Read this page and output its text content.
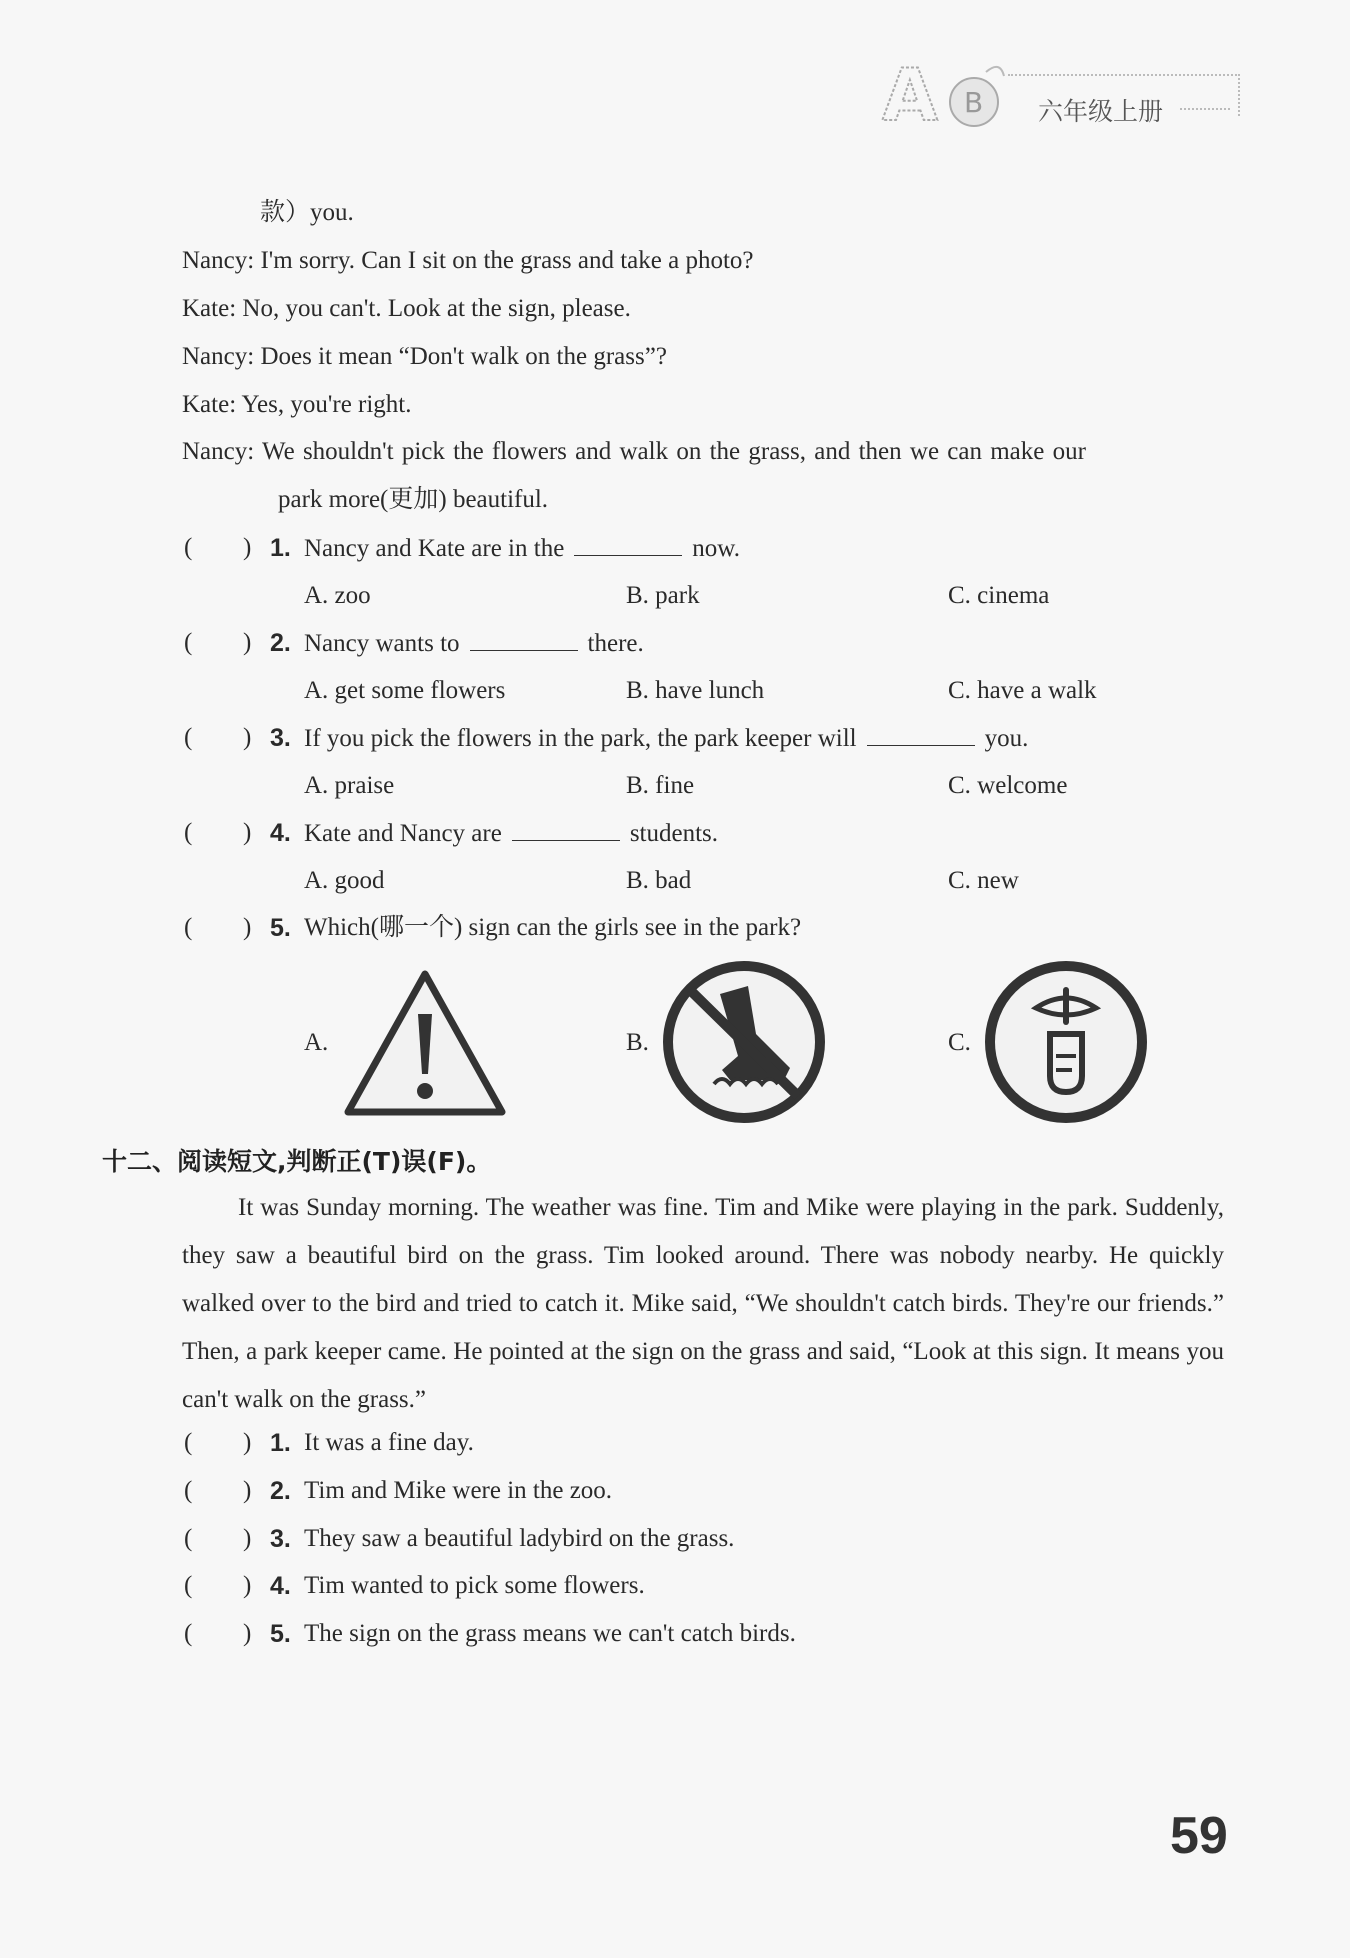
A B 六年级上册
款）you.
Nancy: I'm sorry. Can I sit on the grass and take a photo?
Kate: No, you can't. Look at the sign, please.
Nancy: Does it mean “Don't walk on the grass”?
Kate: Yes, you're right.
Nancy: We shouldn't pick the flowers and walk on the grass, and then we can make our
park more(更加) beautiful.
( ) 1. Nancy and Kate are in the	now.
A. zoo	B. park	C. cinema
( ) 2. Nancy wants to	there.
A. get some flowers	B. have lunch	C. have a walk
( ) 3. If you pick the flowers in the park, the park keeper will	you.
A. praise	B. fine	C. welcome
( ) 4. Kate and Nancy are	students.
A. good	B. bad	C. new
( ) 5. Which(哪一个) sign can the girls see in the park?
A.	B.	C.
十二、阅读短文,判断正(T)误(F)。

It was Sunday morning. The weather was fine. Tim and Mike were playing in the park. Suddenly, they saw a beautiful bird on the grass. Tim looked around. There was nobody nearby. He quickly walked over to the bird and tried to catch it. Mike said, “We shouldn't catch birds. They're our friends.” Then, a park keeper came. He pointed at the sign on the grass and said, “Look at this sign. It means you can't walk on the grass.”

( ) 1. It was a fine day.
( ) 2. Tim and Mike were in the zoo.
( ) 3. They saw a beautiful ladybird on the grass.
( ) 4. Tim wanted to pick some flowers.
( ) 5. The sign on the grass means we can't catch birds.
59
